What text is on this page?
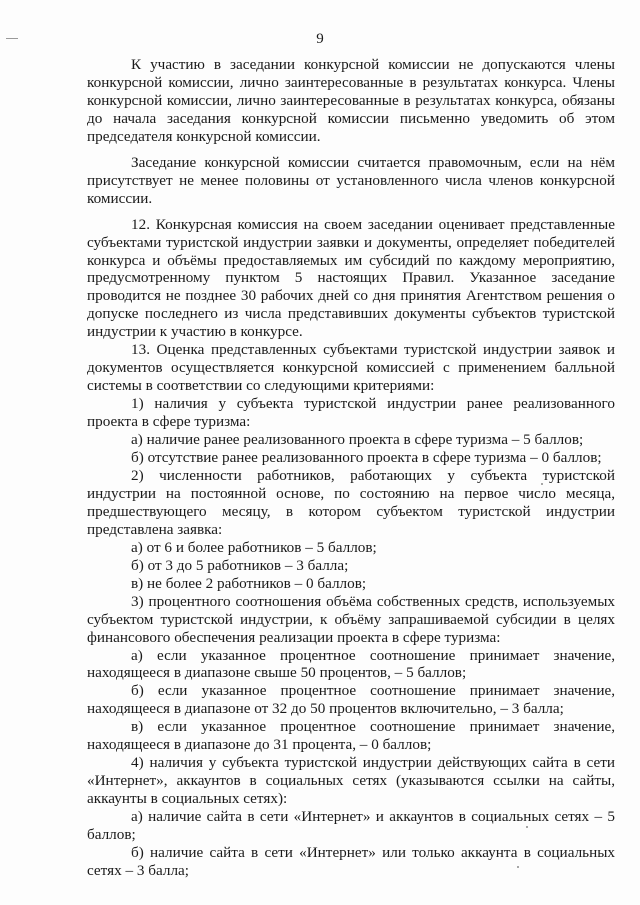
9

К участию в заседании конкурсной комиссии не допускаются члены конкурсной комиссии, лично заинтересованные в результатах конкурса. Члены конкурсной комиссии, лично заинтересованные в результатах конкурса, обязаны до начала заседания конкурсной комиссии письменно уведомить об этом председателя конкурсной комиссии.

Заседание конкурсной комиссии считается правомочным, если на нём присутствует не менее половины от установленного числа членов конкурсной комиссии.

12. Конкурсная комиссия на своем заседании оценивает представленные субъектами туристской индустрии заявки и документы, определяет победителей конкурса и объёмы предоставляемых им субсидий по каждому мероприятию, предусмотренному пунктом 5 настоящих Правил. Указанное заседание проводится не позднее 30 рабочих дней со дня принятия Агентством решения о допуске последнего из числа представивших документы субъектов туристской индустрии к участию в конкурсе.

13. Оценка представленных субъектами туристской индустрии заявок и документов осуществляется конкурсной комиссией с применением балльной системы в соответствии со следующими критериями:

1) наличия у субъекта туристской индустрии ранее реализованного проекта в сфере туризма:

а) наличие ранее реализованного проекта в сфере туризма – 5 баллов;

б) отсутствие ранее реализованного проекта в сфере туризма – 0 баллов;

2) численности работников, работающих у субъекта туристской индустрии на постоянной основе, по состоянию на первое число месяца, предшествующего месяцу, в котором субъектом туристской индустрии представлена заявка:

а) от 6 и более работников – 5 баллов;

б) от 3 до 5 работников – 3 балла;

в) не более 2 работников – 0 баллов;

3) процентного соотношения объёма собственных средств, используемых субъектом туристской индустрии, к объёму запрашиваемой субсидии в целях финансового обеспечения реализации проекта в сфере туризма:

а) если указанное процентное соотношение принимает значение, находящееся в диапазоне свыше 50 процентов, – 5 баллов;

б) если указанное процентное соотношение принимает значение, находящееся в диапазоне от 32 до 50 процентов включительно, – 3 балла;

в) если указанное процентное соотношение принимает значение, находящееся в диапазоне до 31 процента, – 0 баллов;

4) наличия у субъекта туристской индустрии действующих сайта в сети «Интернет», аккаунтов в социальных сетях (указываются ссылки на сайты, аккаунты в социальных сетях):

а) наличие сайта в сети «Интернет» и аккаунтов в социальных сетях – 5 баллов;

б) наличие сайта в сети «Интернет» или только аккаунта в социальных сетях – 3 балла;
